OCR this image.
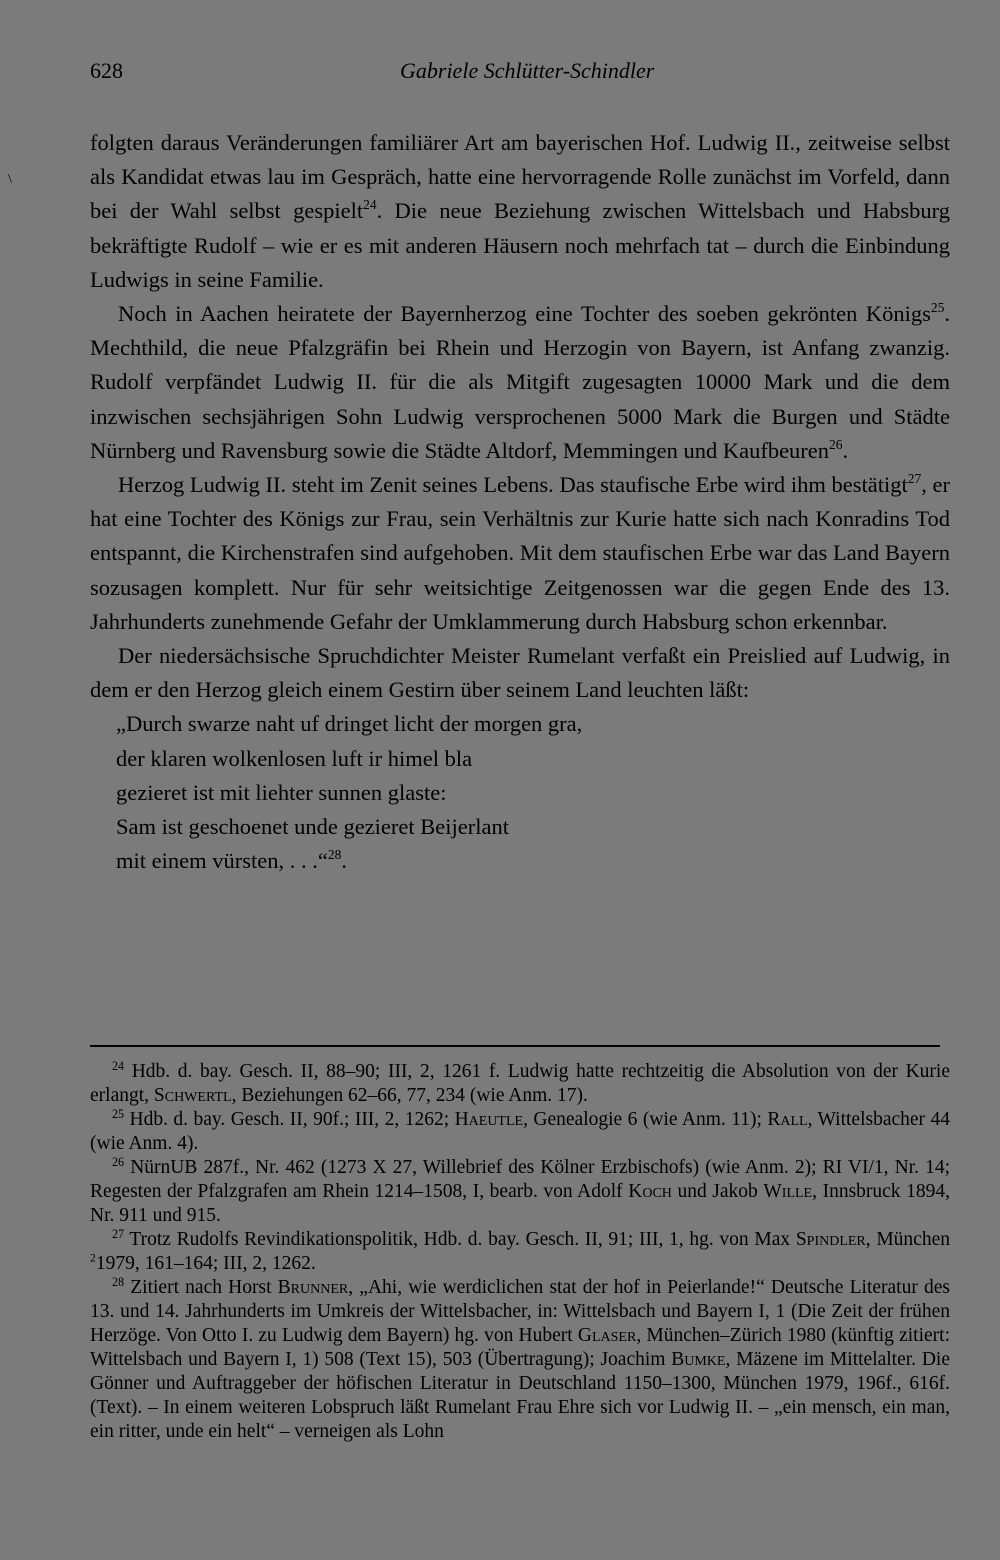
628	Gabriele Schlütter-Schindler
\

folgten daraus Veränderungen familiärer Art am bayerischen Hof. Ludwig II., zeitweise selbst als Kandidat etwas lau im Gespräch, hatte eine hervorragende Rolle zunächst im Vorfeld, dann bei der Wahl selbst gespielt$^{24}$. Die neue Beziehung zwischen Wittelsbach und Habsburg bekräftigte Rudolf – wie er es mit anderen Häusern noch mehrfach tat – durch die Einbindung Ludwigs in seine Familie.

Noch in Aachen heiratete der Bayernherzog eine Tochter des soeben gekrönten Königs$^{25}$. Mechthild, die neue Pfalzgräfin bei Rhein und Herzogin von Bayern, ist Anfang zwanzig. Rudolf verpfändet Ludwig II. für die als Mitgift zugesagten 10000 Mark und die dem inzwischen sechsjährigen Sohn Ludwig versprochenen 5000 Mark die Burgen und Städte Nürnberg und Ravensburg sowie die Städte Altdorf, Memmingen und Kaufbeuren$^{26}$.

Herzog Ludwig II. steht im Zenit seines Lebens. Das staufische Erbe wird ihm bestätigt$^{27}$, er hat eine Tochter des Königs zur Frau, sein Verhältnis zur Kurie hatte sich nach Konradins Tod entspannt, die Kirchenstrafen sind aufgehoben. Mit dem staufischen Erbe war das Land Bayern sozusagen komplett. Nur für sehr weitsichtige Zeitgenossen war die gegen Ende des 13. Jahrhunderts zunehmende Gefahr der Umklammerung durch Habsburg schon erkennbar.

Der niedersächsische Spruchdichter Meister Rumelant verfaßt ein Preislied auf Ludwig, in dem er den Herzog gleich einem Gestirn über seinem Land leuchten läßt:

„Durch swarze naht uf dringet licht der morgen gra,
der klaren wolkenlosen luft ir himel bla
gezieret ist mit liehter sunnen glaste:
Sam ist geschoenet unde gezieret Beijerlant
mit einem vürsten, . . .“$^{28}$.

$^{24}$ Hdb. d. bay. Gesch. II, 88–90; III, 2, 1261 f. Ludwig hatte rechtzeitig die Absolution von der Kurie erlangt, Schwertl, Beziehungen 62–66, 77, 234 (wie Anm. 17).

$^{25}$ Hdb. d. bay. Gesch. II, 90f.; III, 2, 1262; Haeutle, Genealogie 6 (wie Anm. 11); Rall, Wittelsbacher 44 (wie Anm. 4).

$^{26}$ NürnUB 287f., Nr. 462 (1273 X 27, Willebrief des Kölner Erzbischofs) (wie Anm. 2); RI VI/1, Nr. 14; Regesten der Pfalzgrafen am Rhein 1214–1508, I, bearb. von Adolf Koch und Jakob Wille, Innsbruck 1894, Nr. 911 und 915.

$^{27}$ Trotz Rudolfs Revindikationspolitik, Hdb. d. bay. Gesch. II, 91; III, 1, hg. von Max Spindler, München $^2$1979, 161–164; III, 2, 1262.

$^{28}$ Zitiert nach Horst Brunner, „Ahi, wie werdiclichen stat der hof in Peierlande!“ Deutsche Literatur des 13. und 14. Jahrhunderts im Umkreis der Wittelsbacher, in: Wittelsbach und Bayern I, 1 (Die Zeit der frühen Herzöge. Von Otto I. zu Ludwig dem Bayern) hg. von Hubert Glaser, München–Zürich 1980 (künftig zitiert: Wittelsbach und Bayern I, 1) 508 (Text 15), 503 (Übertragung); Joachim Bumke, Mäzene im Mittelalter. Die Gönner und Auftraggeber der höfischen Literatur in Deutschland 1150–1300, München 1979, 196f., 616f. (Text). – In einem weiteren Lobspruch läßt Rumelant Frau Ehre sich vor Ludwig II. – „ein mensch, ein man, ein ritter, unde ein helt“ – verneigen als Lohn
